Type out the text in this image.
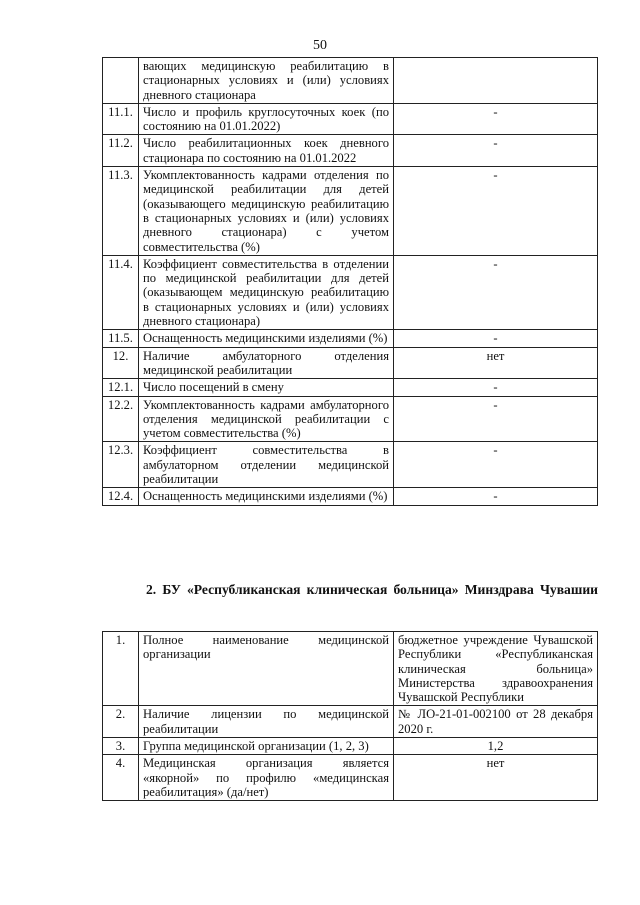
50
	вающих медицинскую реабилитацию в стационарных условиях и (или) условиях дневного стационара	
11.1.	Число и профиль круглосуточных коек (по состоянию на 01.01.2022)	-
11.2.	Число реабилитационных коек дневного стационара по состоянию на 01.01.2022	-
11.3.	Укомплектованность кадрами отделения по медицинской реабилитации для детей (оказывающего медицинскую реабилитацию в стационарных условиях и (или) условиях дневного стационара) с учетом совместительства (%)	-
11.4.	Коэффициент совместительства в отделении по медицинской реабилитации для детей (оказывающем медицинскую реабилитацию в стационарных условиях и (или) условиях дневного стационара)	-
11.5.	Оснащенность медицинскими изделиями (%)	-
12.	Наличие амбулаторного отделения медицинской реабилитации	нет
12.1.	Число посещений в смену	-
12.2.	Укомплектованность кадрами амбулаторного отделения медицинской реабилитации с учетом совместительства (%)	-
12.3.	Коэффициент совместительства в амбулаторном отделении медицинской реабилитации	-
12.4.	Оснащенность медицинскими изделиями (%)	-
2. БУ «Республиканская клиническая больница» Минздрава Чувашии
1.	Полное наименование медицинской организации	бюджетное учреждение Чувашской Республики «Республиканская клиническая больница» Министерства здравоохранения Чувашской Республики
2.	Наличие лицензии по медицинской реабилитации	№ ЛО-21-01-002100 от 28 декабря 2020 г.
3.	Группа медицинской организации (1, 2, 3)	1,2
4.	Медицинская организация является «якорной» по профилю «медицинская реабилитация» (да/нет)	нет
